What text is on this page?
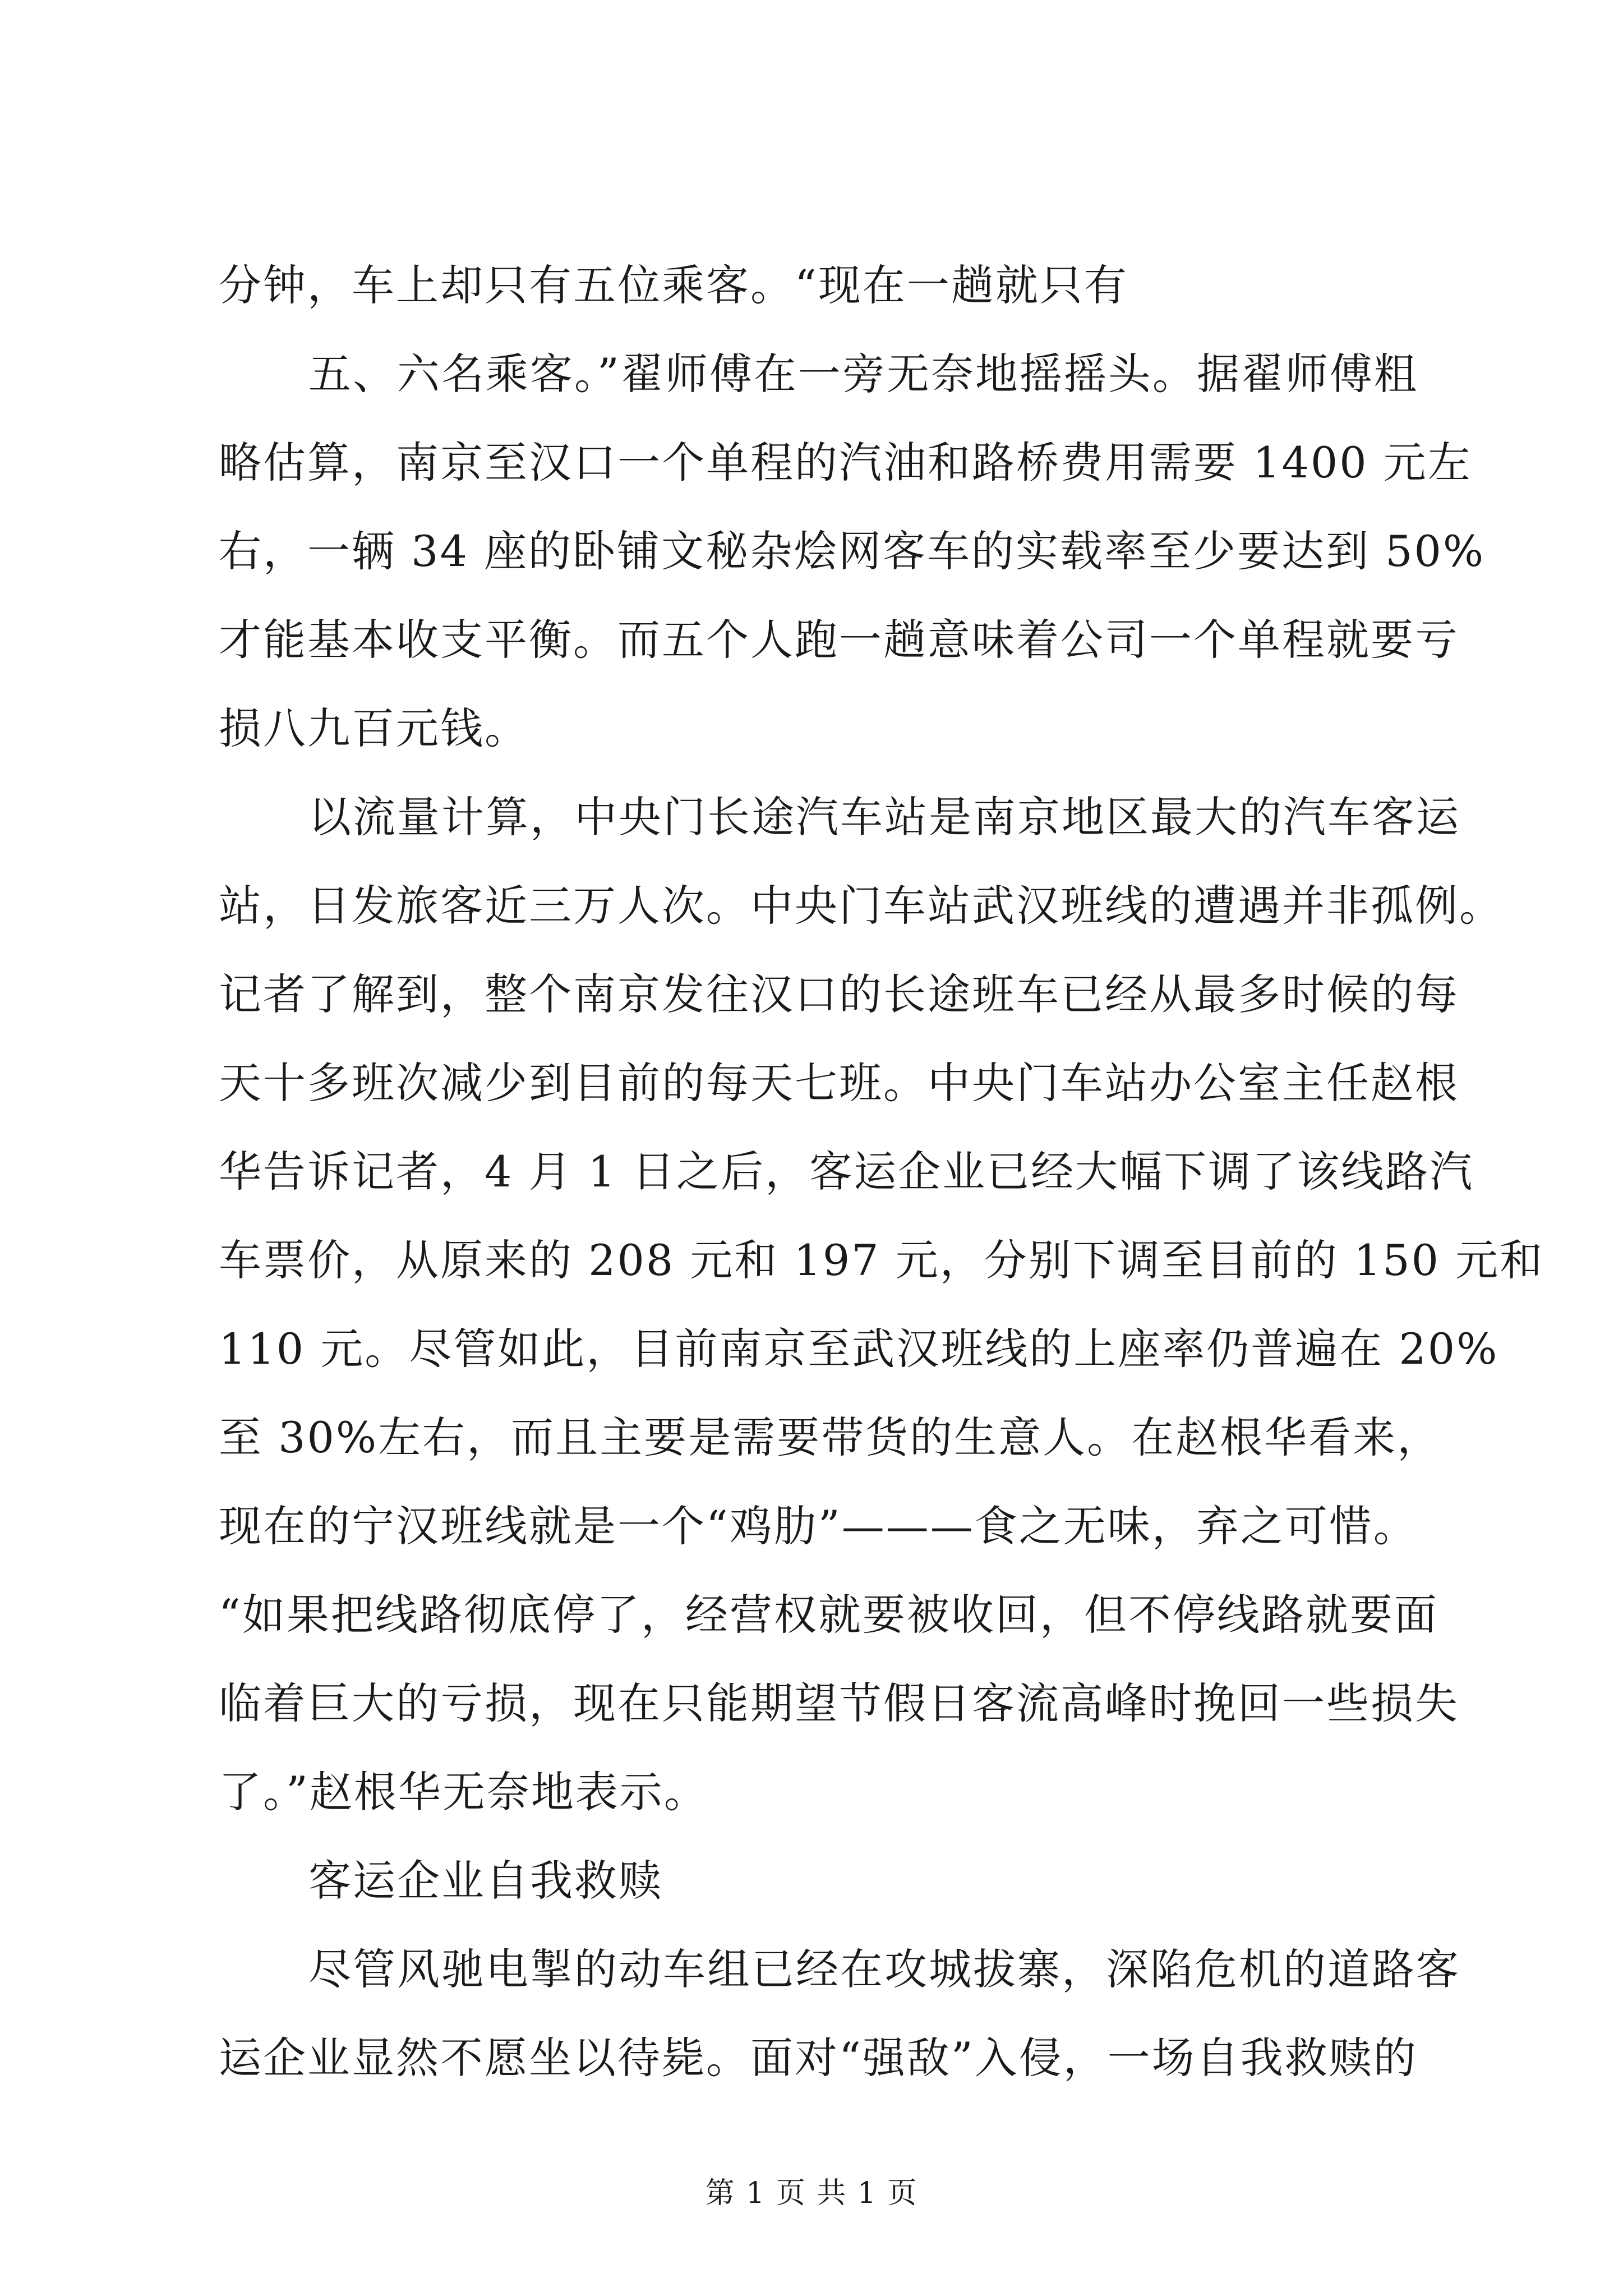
分钟，车上却只有五位乘客。“现在一趟就只有
五、六名乘客。”翟师傅在一旁无奈地摇摇头。据翟师傅粗
略估算，南京至汉口一个单程的汽油和路桥费用需要 1400 元左
右，一辆 34 座的卧铺文秘杂烩网客车的实载率至少要达到 50%
才能基本收支平衡。而五个人跑一趟意味着公司一个单程就要亏
损八九百元钱。
以流量计算，中央门长途汽车站是南京地区最大的汽车客运
站，日发旅客近三万人次。中央门车站武汉班线的遭遇并非孤例。
记者了解到，整个南京发往汉口的长途班车已经从最多时候的每
天十多班次减少到目前的每天七班。中央门车站办公室主任赵根
华告诉记者，4 月 1 日之后，客运企业已经大幅下调了该线路汽
车票价，从原来的 208 元和 197 元，分别下调至目前的 150 元和
110 元。尽管如此，目前南京至武汉班线的上座率仍普遍在 20%
至 30%左右，而且主要是需要带货的生意人。在赵根华看来，
现在的宁汉班线就是一个“鸡肋”———食之无味，弃之可惜。
“如果把线路彻底停了，经营权就要被收回，但不停线路就要面
临着巨大的亏损，现在只能期望节假日客流高峰时挽回一些损失
了。”赵根华无奈地表示。
客运企业自我救赎
尽管风驰电掣的动车组已经在攻城拔寨，深陷危机的道路客
运企业显然不愿坐以待毙。面对“强敌”入侵，一场自我救赎的
第 1 页 共 1 页
